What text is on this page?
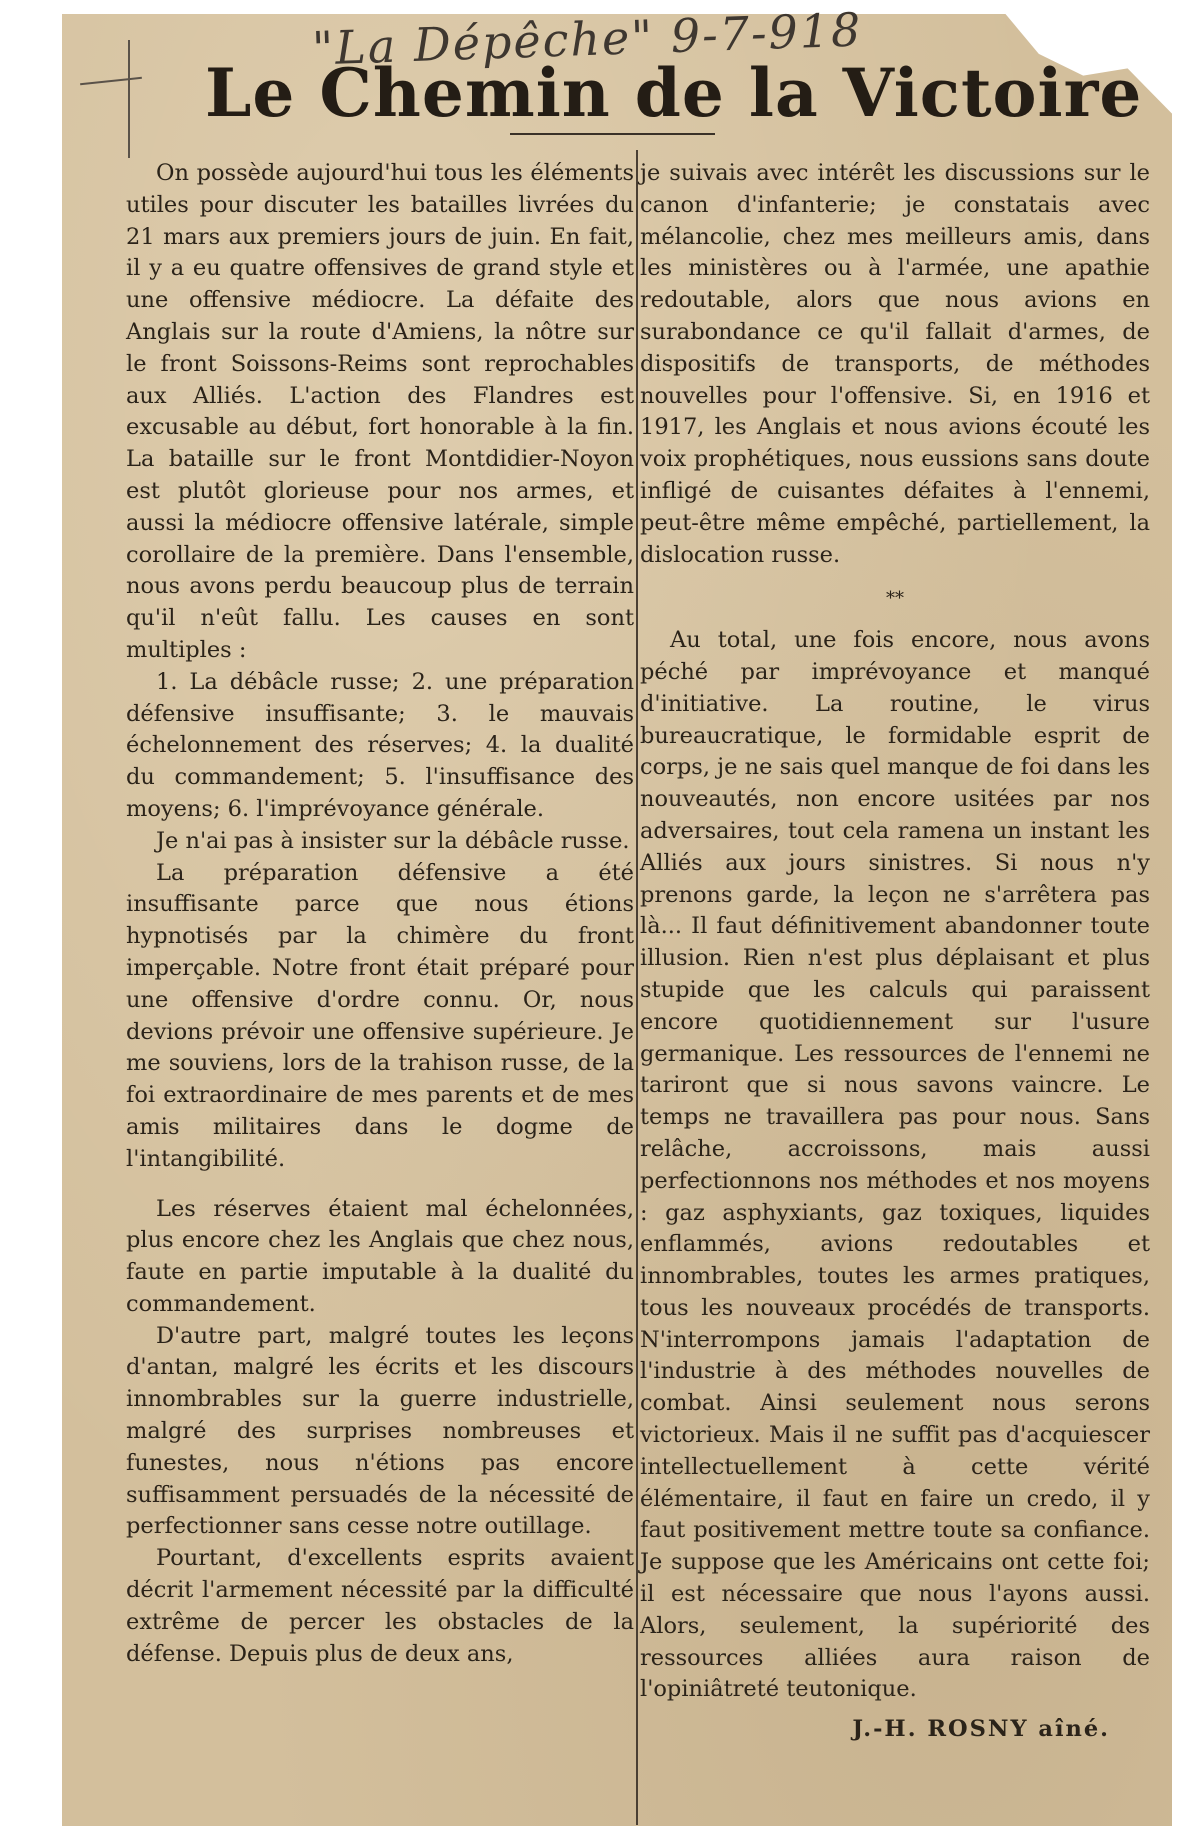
"La Dépêche" 9-7-918
Le Chemin de la Victoire

On possède aujourd'hui tous les éléments utiles pour discuter les batailles livrées du 21 mars aux premiers jours de juin. En fait, il y a eu quatre offensives de grand style et une offensive médiocre. La défaite des Anglais sur la route d'Amiens, la nôtre sur le front Soissons-Reims sont reprochables aux Alliés. L'action des Flandres est excusable au début, fort honorable à la fin. La bataille sur le front Montdidier-Noyon est plutôt glorieuse pour nos armes, et aussi la médiocre offensive latérale, simple corollaire de la première. Dans l'ensemble, nous avons perdu beaucoup plus de terrain qu'il n'eût fallu. Les causes en sont multiples :

1. La débâcle russe; 2. une préparation défensive insuffisante; 3. le mauvais échelonnement des réserves; 4. la dualité du commandement; 5. l'insuffisance des moyens; 6. l'imprévoyance générale.

Je n'ai pas à insister sur la débâcle russe.

La préparation défensive a été insuffisante parce que nous étions hypnotisés par la chimère du front imperçable. Notre front était préparé pour une offensive d'ordre connu. Or, nous devions prévoir une offensive supérieure. Je me souviens, lors de la trahison russe, de la foi extraordinaire de mes parents et de mes amis militaires dans le dogme de l'intangibilité.

Les réserves étaient mal échelonnées, plus encore chez les Anglais que chez nous, faute en partie imputable à la dualité du commandement.

D'autre part, malgré toutes les leçons d'antan, malgré les écrits et les discours innombrables sur la guerre industrielle, malgré des surprises nombreuses et funestes, nous n'étions pas encore suffisamment persuadés de la nécessité de perfectionner sans cesse notre outillage.

Pourtant, d'excellents esprits avaient décrit l'armement nécessité par la difficulté extrême de percer les obstacles de la défense. Depuis plus de deux ans,

je suivais avec intérêt les discussions sur le canon d'infanterie; je constatais avec mélancolie, chez mes meilleurs amis, dans les ministères ou à l'armée, une apathie redoutable, alors que nous avions en surabondance ce qu'il fallait d'armes, de dispositifs de transports, de méthodes nouvelles pour l'offensive. Si, en 1916 et 1917, les Anglais et nous avions écouté les voix prophétiques, nous eussions sans doute infligé de cuisantes défaites à l'ennemi, peut-être même empêché, partiellement, la dislocation russe.

**

Au total, une fois encore, nous avons péché par imprévoyance et manqué d'initiative. La routine, le virus bureaucratique, le formidable esprit de corps, je ne sais quel manque de foi dans les nouveautés, non encore usitées par nos adversaires, tout cela ramena un instant les Alliés aux jours sinistres. Si nous n'y prenons garde, la leçon ne s'arrêtera pas là... Il faut définitivement abandonner toute illusion. Rien n'est plus déplaisant et plus stupide que les calculs qui paraissent encore quotidiennement sur l'usure germanique. Les ressources de l'ennemi ne tariront que si nous savons vaincre. Le temps ne travaillera pas pour nous. Sans relâche, accroissons, mais aussi perfectionnons nos méthodes et nos moyens : gaz asphyxiants, gaz toxiques, liquides enflammés, avions redoutables et innombrables, toutes les armes pratiques, tous les nouveaux procédés de transports. N'interrompons jamais l'adaptation de l'industrie à des méthodes nouvelles de combat. Ainsi seulement nous serons victorieux. Mais il ne suffit pas d'acquiescer intellectuellement à cette vérité élémentaire, il faut en faire un credo, il y faut positivement mettre toute sa confiance. Je suppose que les Américains ont cette foi; il est nécessaire que nous l'ayons aussi. Alors, seulement, la supériorité des ressources alliées aura raison de l'opiniâtreté teutonique.

J.-H. ROSNY aîné.
